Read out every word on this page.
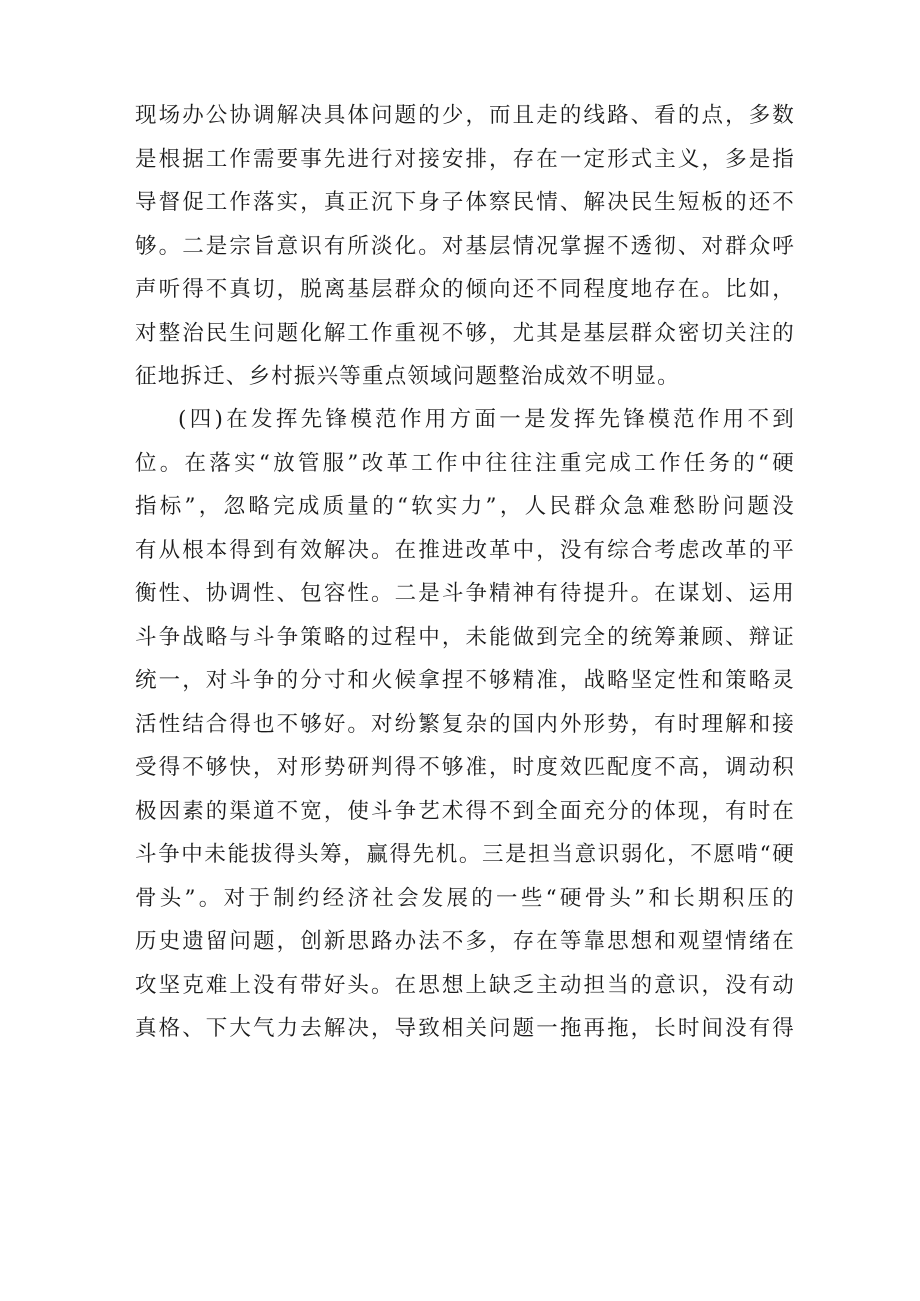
现场办公协调解决具体问题的少，而且走的线路、看的点，多数
是根据工作需要事先进行对接安排，存在一定形式主义，多是指
导督促工作落实，真正沉下身子体察民情、解决民生短板的还不
够。二是宗旨意识有所淡化。对基层情况掌握不透彻、对群众呼
声听得不真切，脱离基层群众的倾向还不同程度地存在。比如，
对整治民生问题化解工作重视不够，尤其是基层群众密切关注的
征地拆迁、乡村振兴等重点领域问题整治成效不明显。
(四)在发挥先锋模范作用方面一是发挥先锋模范作用不到
位。在落实“放管服”改革工作中往往注重完成工作任务的“硬
指标”，忽略完成质量的“软实力”，人民群众急难愁盼问题没
有从根本得到有效解决。在推进改革中，没有综合考虑改革的平
衡性、协调性、包容性。二是斗争精神有待提升。在谋划、运用
斗争战略与斗争策略的过程中，未能做到完全的统筹兼顾、辩证
统一，对斗争的分寸和火候拿捏不够精准，战略坚定性和策略灵
活性结合得也不够好。对纷繁复杂的国内外形势，有时理解和接
受得不够快，对形势研判得不够准，时度效匹配度不高，调动积
极因素的渠道不宽，使斗争艺术得不到全面充分的体现，有时在
斗争中未能拔得头筹，赢得先机。三是担当意识弱化，不愿啃“硬
骨头”。对于制约经济社会发展的一些“硬骨头”和长期积压的
历史遗留问题，创新思路办法不多，存在等靠思想和观望情绪在
攻坚克难上没有带好头。在思想上缺乏主动担当的意识，没有动
真格、下大气力去解决，导致相关问题一拖再拖，长时间没有得
